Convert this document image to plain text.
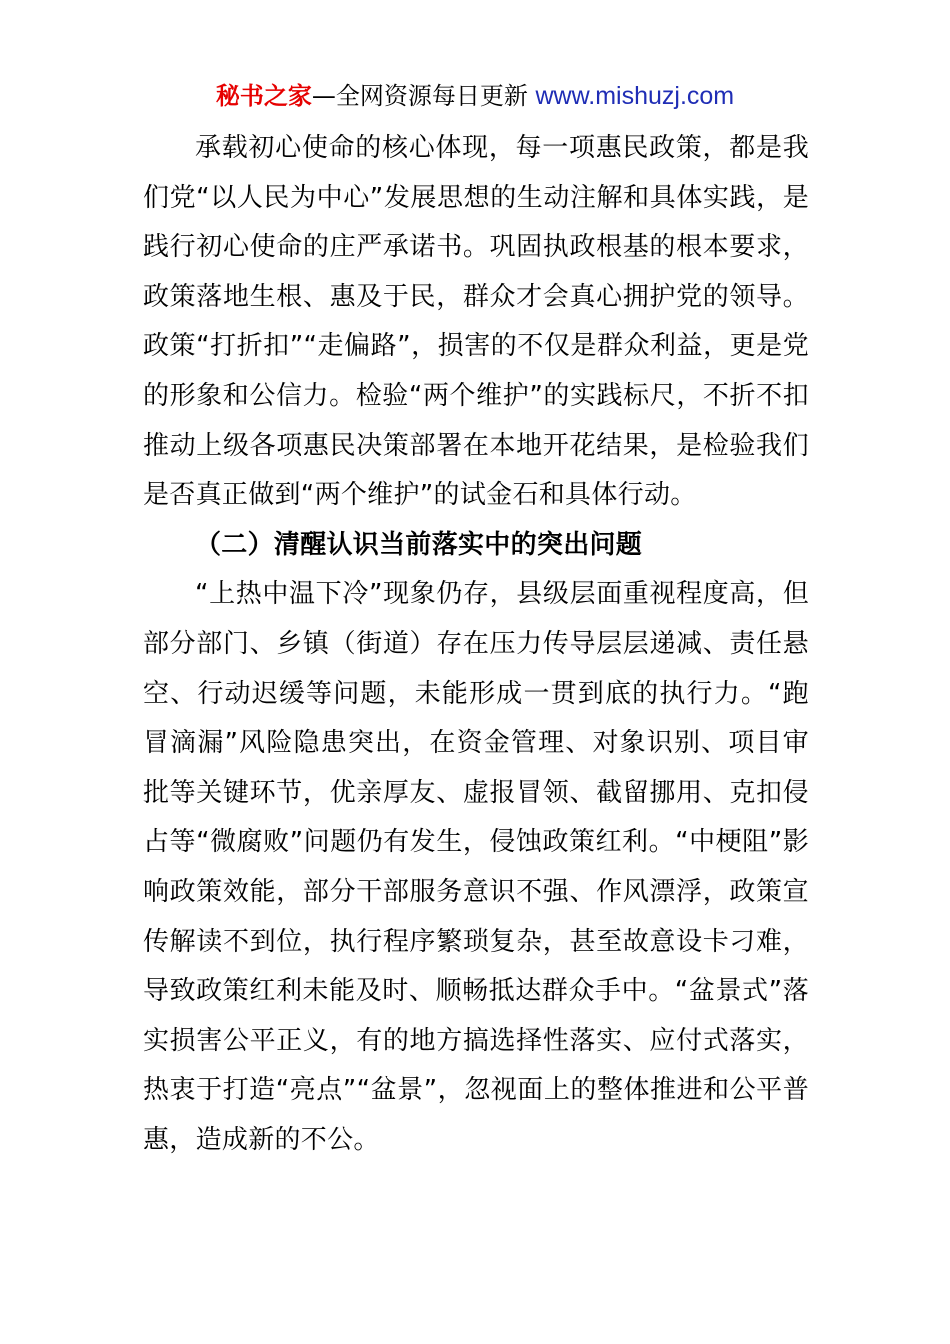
秘书之家—全网资源每日更新 www.mishuzj.com

承载初心使命的核心体现，每一项惠民政策，都是我们党“以人民为中心”发展思想的生动注解和具体实践，是践行初心使命的庄严承诺书。巩固执政根基的根本要求，政策落地生根、惠及于民，群众才会真心拥护党的领导。政策“打折扣”“走偏路”，损害的不仅是群众利益，更是党的形象和公信力。检验“两个维护”的实践标尺，不折不扣推动上级各项惠民决策部署在本地开花结果，是检验我们是否真正做到“两个维护”的试金石和具体行动。

（二）清醒认识当前落实中的突出问题

“上热中温下冷”现象仍存，县级层面重视程度高，但部分部门、乡镇（街道）存在压力传导层层递减、责任悬空、行动迟缓等问题，未能形成一贯到底的执行力。“跑冒滴漏”风险隐患突出，在资金管理、对象识别、项目审批等关键环节，优亲厚友、虚报冒领、截留挪用、克扣侵占等“微腐败”问题仍有发生，侵蚀政策红利。“中梗阻”影响政策效能，部分干部服务意识不强、作风漂浮，政策宣传解读不到位，执行程序繁琐复杂，甚至故意设卡刁难，导致政策红利未能及时、顺畅抵达群众手中。“盆景式”落实损害公平正义，有的地方搞选择性落实、应付式落实，热衷于打造“亮点”“盆景”，忽视面上的整体推进和公平普惠，造成新的不公。
